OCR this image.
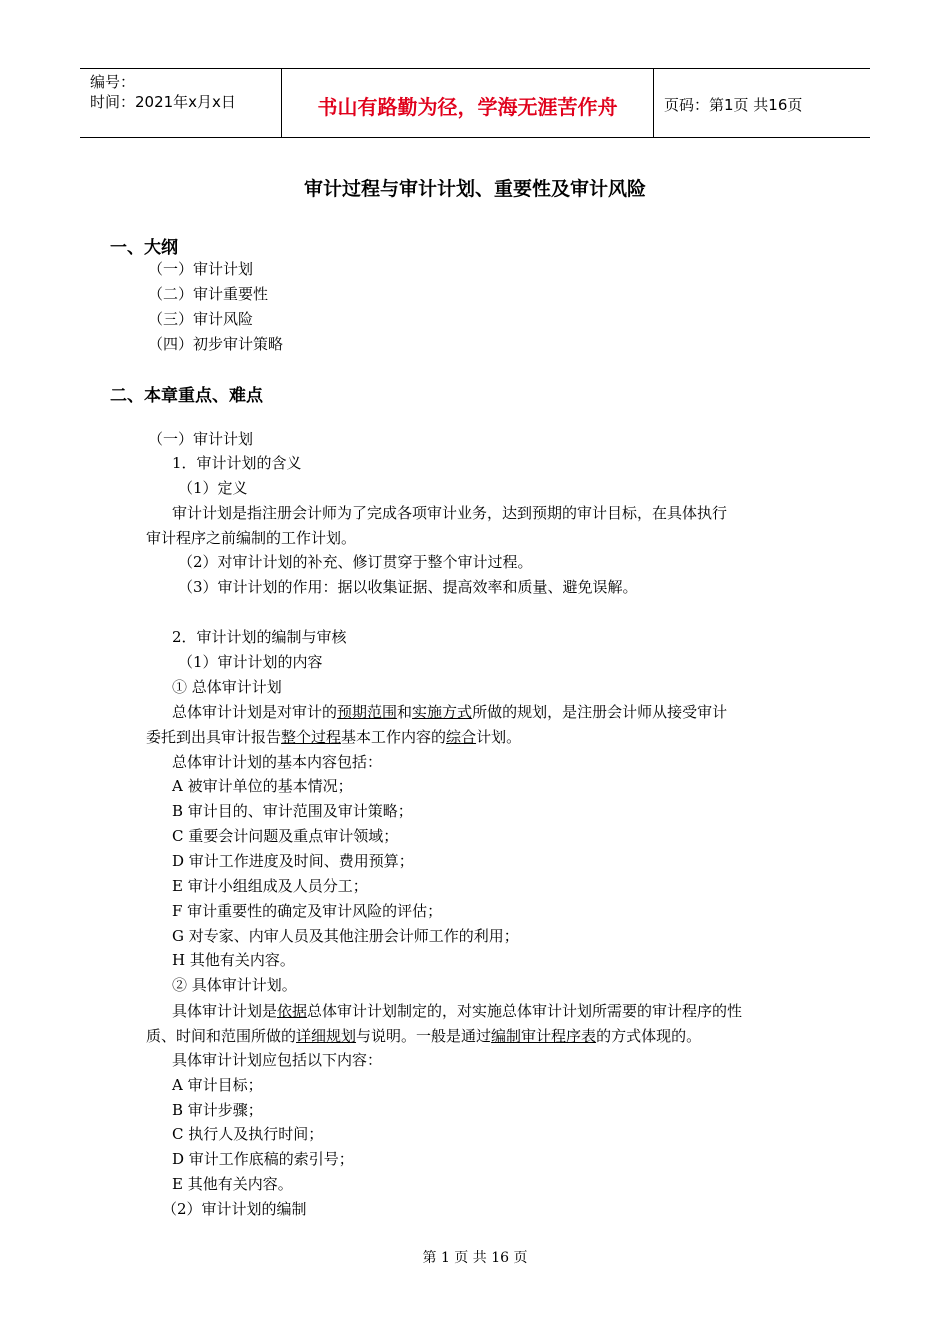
编号：
时间：2021年x月x日	书山有路勤为径，学海无涯苦作舟	页码：第1页 共16页
审计过程与审计计划、重要性及审计风险
一、大纲
（一）审计计划
（二）审计重要性
（三）审计风险
（四）初步审计策略
二、本章重点、难点
（一）审计计划
1．审计计划的含义
（1）定义
审计计划是指注册会计师为了完成各项审计业务，达到预期的审计目标，在具体执行
审计程序之前编制的工作计划。
（2）对审计计划的补充、修订贯穿于整个审计过程。
（3）审计计划的作用：据以收集证据、提高效率和质量、避免误解。
2．审计计划的编制与审核
（1）审计计划的内容
① 总体审计计划
总体审计计划是对审计的预期范围和实施方式所做的规划，是注册会计师从接受审计
委托到出具审计报告整个过程基本工作内容的综合计划。
总体审计计划的基本内容包括：
A 被审计单位的基本情况；
B 审计目的、审计范围及审计策略；
C 重要会计问题及重点审计领域；
D 审计工作进度及时间、费用预算；
E 审计小组组成及人员分工；
F 审计重要性的确定及审计风险的评估；
G 对专家、内审人员及其他注册会计师工作的利用；
H 其他有关内容。
② 具体审计计划。
具体审计计划是依据总体审计计划制定的，对实施总体审计计划所需要的审计程序的性
质、时间和范围所做的详细规划与说明。一般是通过编制审计程序表的方式体现的。
具体审计计划应包括以下内容：
A 审计目标；
B 审计步骤；
C 执行人及执行时间；
D 审计工作底稿的索引号；
E 其他有关内容。
（2）审计计划的编制
第 1 页 共 16 页
